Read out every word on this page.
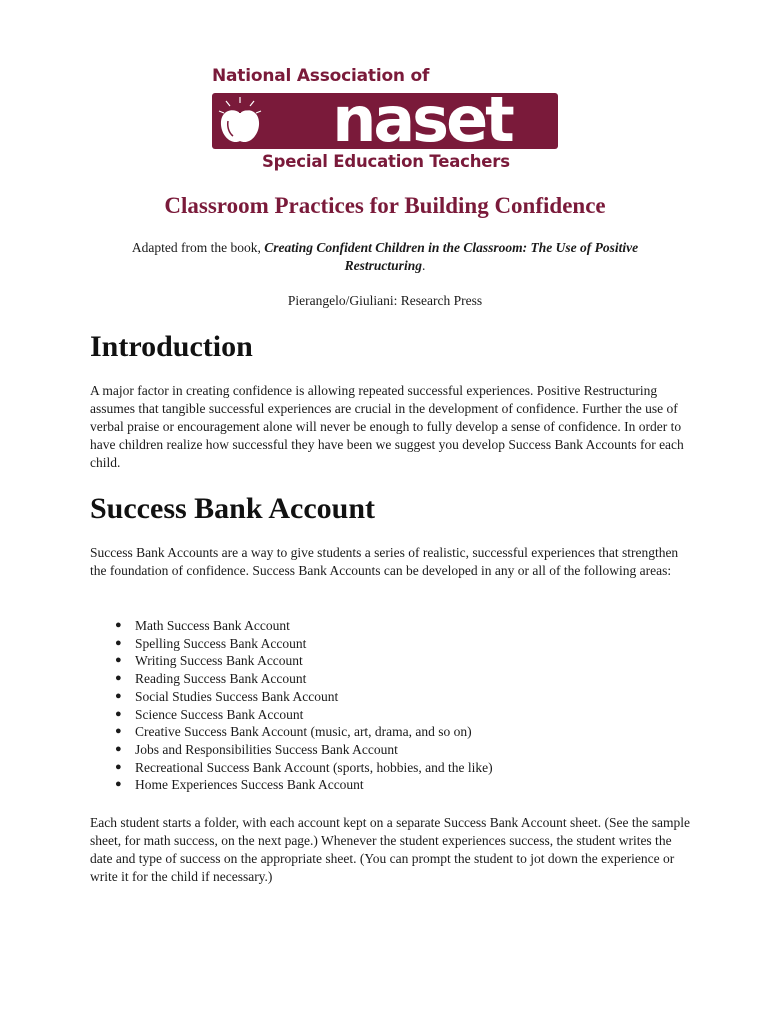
National Association of
naset
Special Education Teachers
Classroom Practices for Building Confidence

Adapted from the book, Creating Confident Children in the Classroom: The Use of Positive Restructuring.

Pierangelo/Giuliani: Research Press

Introduction

A major factor in creating confidence is allowing repeated successful experiences. Positive Restructuring assumes that tangible successful experiences are crucial in the development of confidence. Further the use of verbal praise or encouragement alone will never be enough to fully develop a sense of confidence. In order to have children realize how successful they have been we suggest you develop Success Bank Accounts for each child.

Success Bank Account

Success Bank Accounts are a way to give students a series of realistic, successful experiences that strengthen the foundation of confidence. Success Bank Accounts can be developed in any or all of the following areas:

● Math Success Bank Account
● Spelling Success Bank Account
● Writing Success Bank Account
● Reading Success Bank Account
● Social Studies Success Bank Account
● Science Success Bank Account
● Creative Success Bank Account (music, art, drama, and so on)
● Jobs and Responsibilities Success Bank Account
● Recreational Success Bank Account (sports, hobbies, and the like)
● Home Experiences Success Bank Account

Each student starts a folder, with each account kept on a separate Success Bank Account sheet. (See the sample sheet, for math success, on the next page.) Whenever the student experiences success, the student writes the date and type of success on the appropriate sheet. (You can prompt the student to jot down the experience or write it for the child if necessary.)
